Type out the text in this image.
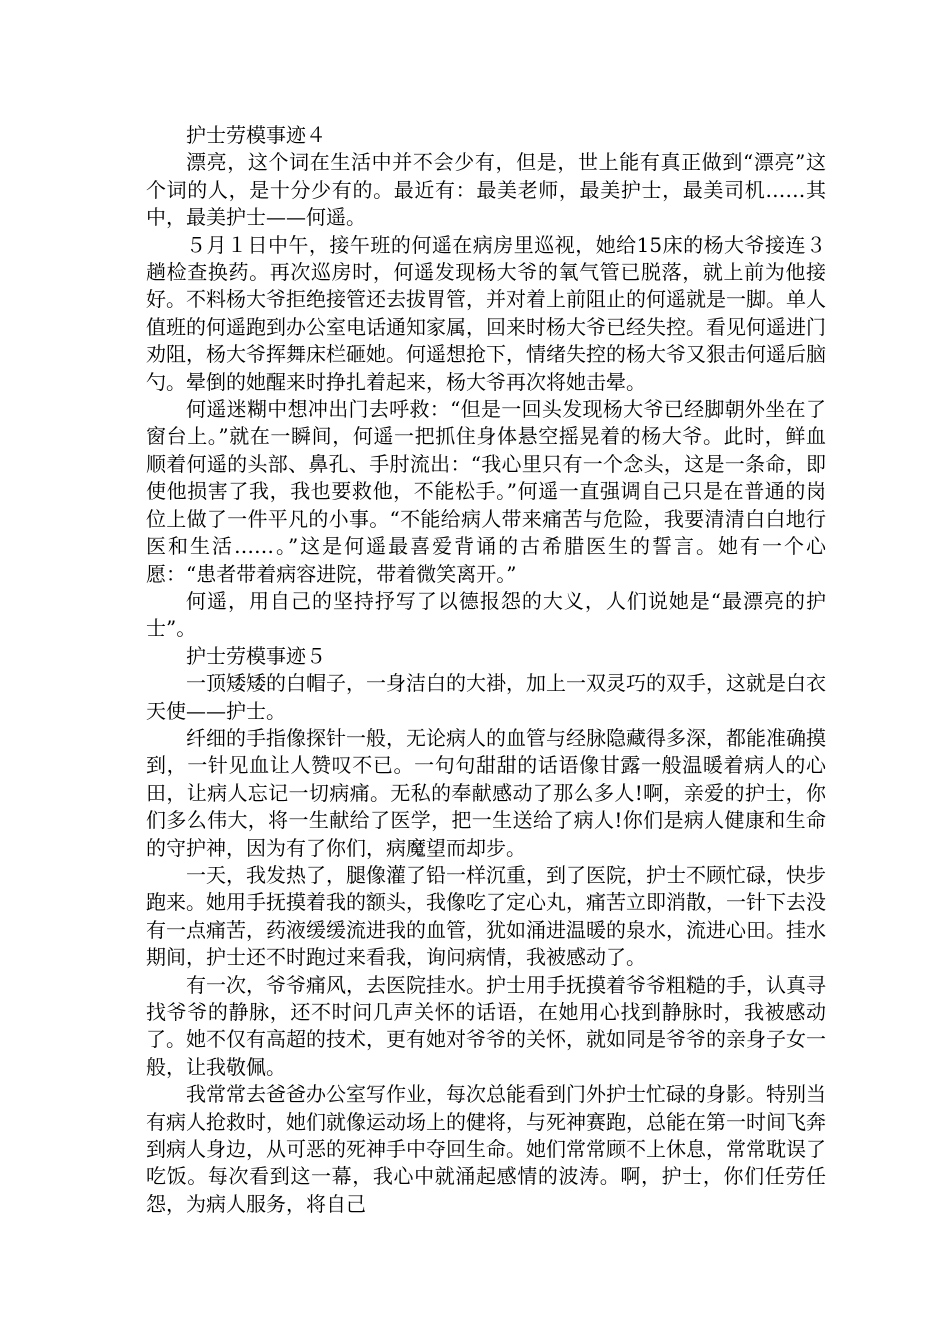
护士劳模事迹４

漂亮，这个词在生活中并不会少有，但是，世上能有真正做到“漂亮”这个词的人，是十分少有的。最近有：最美老师，最美护士，最美司机……其中，最美护士——何遥。

５月１日中午，接午班的何遥在病房里巡视，她给15床的杨大爷接连３趟检查换药。再次巡房时，何遥发现杨大爷的氧气管已脱落，就上前为他接好。不料杨大爷拒绝接管还去拔胃管，并对着上前阻止的何遥就是一脚。单人值班的何遥跑到办公室电话通知家属，回来时杨大爷已经失控。看见何遥进门劝阻，杨大爷挥舞床栏砸她。何遥想抢下，情绪失控的杨大爷又狠击何遥后脑勺。晕倒的她醒来时挣扎着起来，杨大爷再次将她击晕。

何遥迷糊中想冲出门去呼救：“但是一回头发现杨大爷已经脚朝外坐在了窗台上。”就在一瞬间，何遥一把抓住身体悬空摇晃着的杨大爷。此时，鲜血顺着何遥的头部、鼻孔、手肘流出：“我心里只有一个念头，这是一条命，即使他损害了我，我也要救他，不能松手。”何遥一直强调自己只是在普通的岗位上做了一件平凡的小事。“不能给病人带来痛苦与危险，我要清清白白地行医和生活……。”这是何遥最喜爱背诵的古希腊医生的誓言。她有一个心愿：“患者带着病容进院，带着微笑离开。”

何遥，用自己的坚持抒写了以德报怨的大义，人们说她是“最漂亮的护士”。

护士劳模事迹５

一顶矮矮的白帽子，一身洁白的大褂，加上一双灵巧的双手，这就是白衣天使——护士。

纤细的手指像探针一般，无论病人的血管与经脉隐藏得多深，都能准确摸到，一针见血让人赞叹不已。一句句甜甜的话语像甘露一般温暖着病人的心田，让病人忘记一切病痛。无私的奉献感动了那么多人!啊，亲爱的护士，你们多么伟大，将一生献给了医学，把一生送给了病人!你们是病人健康和生命的守护神，因为有了你们，病魔望而却步。

一天，我发热了，腿像灌了铅一样沉重，到了医院，护士不顾忙碌，快步跑来。她用手抚摸着我的额头，我像吃了定心丸，痛苦立即消散，一针下去没有一点痛苦，药液缓缓流进我的血管，犹如涌进温暖的泉水，流进心田。挂水期间，护士还不时跑过来看我，询问病情，我被感动了。

有一次，爷爷痛风，去医院挂水。护士用手抚摸着爷爷粗糙的手，认真寻找爷爷的静脉，还不时问几声关怀的话语，在她用心找到静脉时，我被感动了。她不仅有高超的技术，更有她对爷爷的关怀，就如同是爷爷的亲身子女一般，让我敬佩。

我常常去爸爸办公室写作业，每次总能看到门外护士忙碌的身影。特别当有病人抢救时，她们就像运动场上的健将，与死神赛跑，总能在第一时间飞奔到病人身边，从可恶的死神手中夺回生命。她们常常顾不上休息，常常耽误了吃饭。每次看到这一幕，我心中就涌起感情的波涛。啊，护士，你们任劳任怨，为病人服务，将自己
